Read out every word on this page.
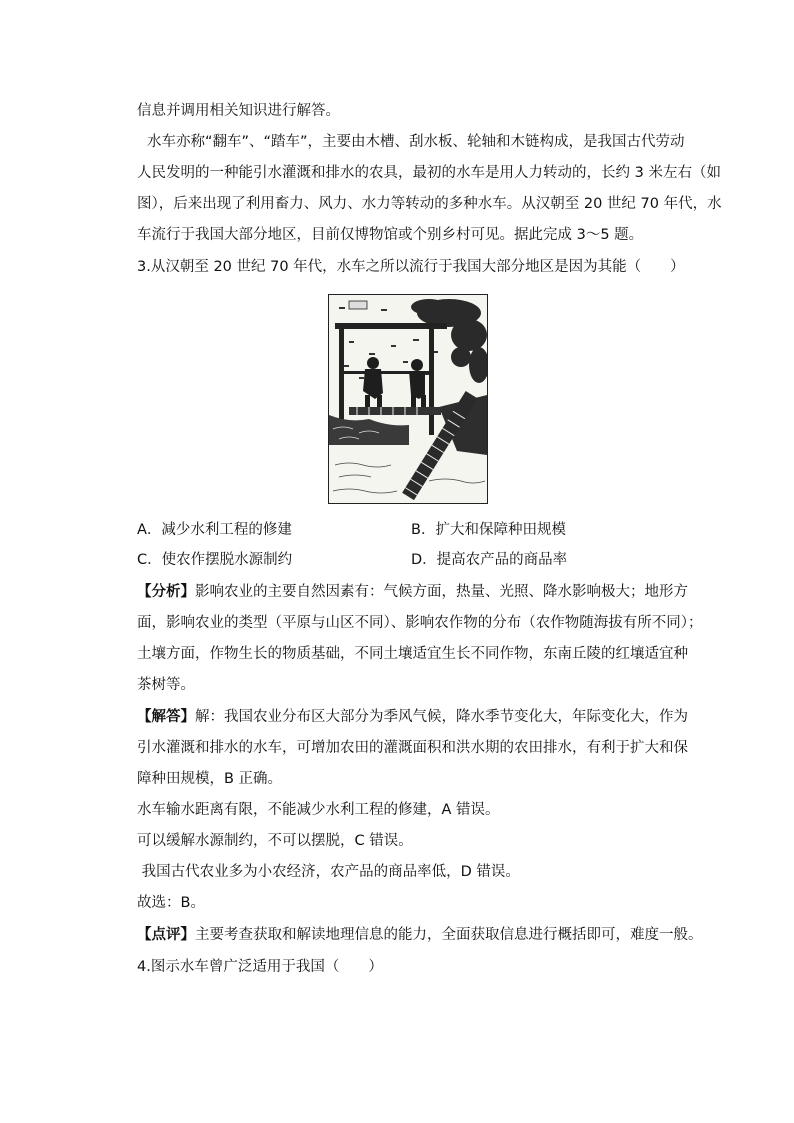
信息并调用相关知识进行解答。
水车亦称“翻车”、“踏车”，主要由木槽、刮水板、轮轴和木链构成，是我国古代劳动
人民发明的一种能引水灌溉和排水的农具，最初的水车是用人力转动的，长约 3 米左右（如
图），后来出现了利用畜力、风力、水力等转动的多种水车。从汉朝至 20 世纪 70 年代，水
车流行于我国大部分地区，目前仅博物馆或个别乡村可见。据此完成 3～5 题。
3.从汉朝至 20 世纪 70 年代，水车之所以流行于我国大部分地区是因为其能（　　）
A．减少水利工程的修建	B．扩大和保障种田规模
C．使农作摆脱水源制约	D．提高农产品的商品率
【分析】影响农业的主要自然因素有：气候方面，热量、光照、降水影响极大；地形方
面，影响农业的类型（平原与山区不同）、影响农作物的分布（农作物随海拔有所不同）；
土壤方面，作物生长的物质基础，不同土壤适宜生长不同作物，东南丘陵的红壤适宜种
茶树等。
【解答】解：我国农业分布区大部分为季风气候，降水季节变化大，年际变化大，作为
引水灌溉和排水的水车，可增加农田的灌溉面积和洪水期的农田排水，有利于扩大和保
障种田规模，B 正确。
水车输水距离有限，不能减少水利工程的修建，A 错误。
可以缓解水源制约，不可以摆脱，C 错误。
我国古代农业多为小农经济，农产品的商品率低，D 错误。
故选：B。
【点评】主要考查获取和解读地理信息的能力，全面获取信息进行概括即可，难度一般。
4.图示水车曾广泛适用于我国（　　）
